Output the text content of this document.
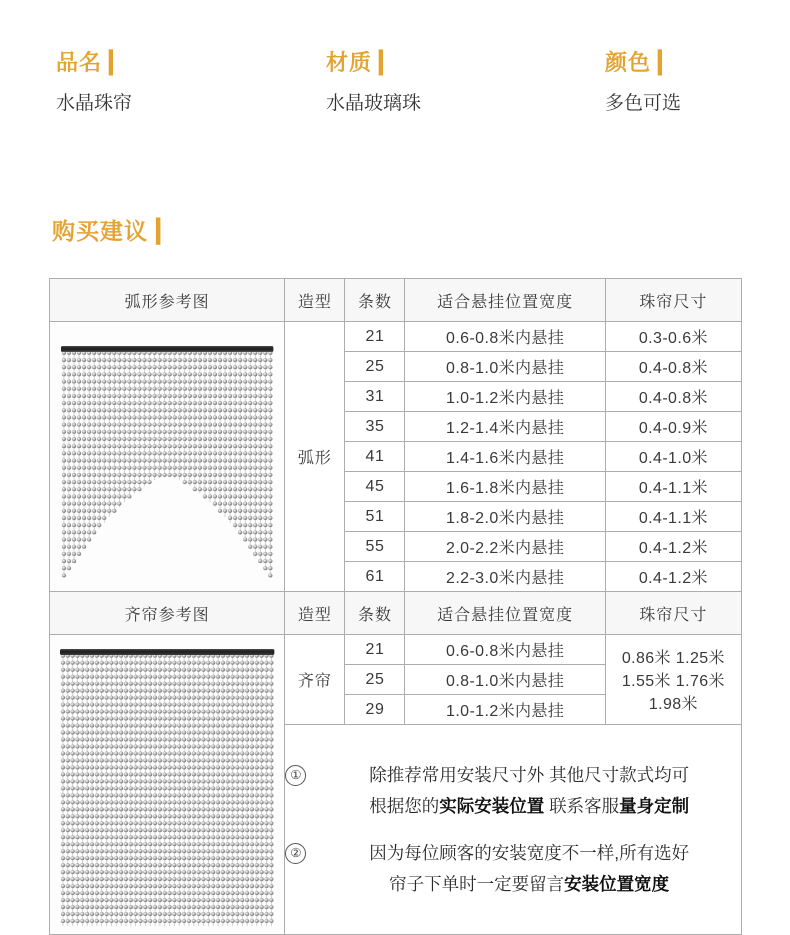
品名 ▎
水晶珠帘
材质 ▎
水晶玻璃珠
颜色 ▎
多色可选
购买建议 ▎
弧形参考图	造型	条数	适合悬挂位置宽度	珠帘尺寸

	弧形	21	0.6-0.8米内悬挂	0.3-0.6米
		25	0.8-1.0米内悬挂	0.4-0.8米
		31	1.0-1.2米内悬挂	0.4-0.8米
		35	1.2-1.4米内悬挂	0.4-0.9米
		41	1.4-1.6米内悬挂	0.4-1.0米
		45	1.6-1.8米内悬挂	0.4-1.1米
		51	1.8-2.0米内悬挂	0.4-1.1米
		55	2.0-2.2米内悬挂	0.4-1.2米
		61	2.2-3.0米内悬挂	0.4-1.2米
齐帘参考图	造型	条数	适合悬挂位置宽度	珠帘尺寸

	齐帘	21	0.6-0.8米内悬挂	0.86米 1.25米
1.55米 1.76米
1.98米

		25	0.8-1.0米内悬挂	
		29	1.0-1.2米内悬挂	

①	除推荐常用安装尺寸外 其他尺寸款式均可
根据您的实际安装位置 联系客服量身定制
②	因为每位顾客的安装宽度不一样,所有选好
帘子下单时一定要留言安装位置宽度
